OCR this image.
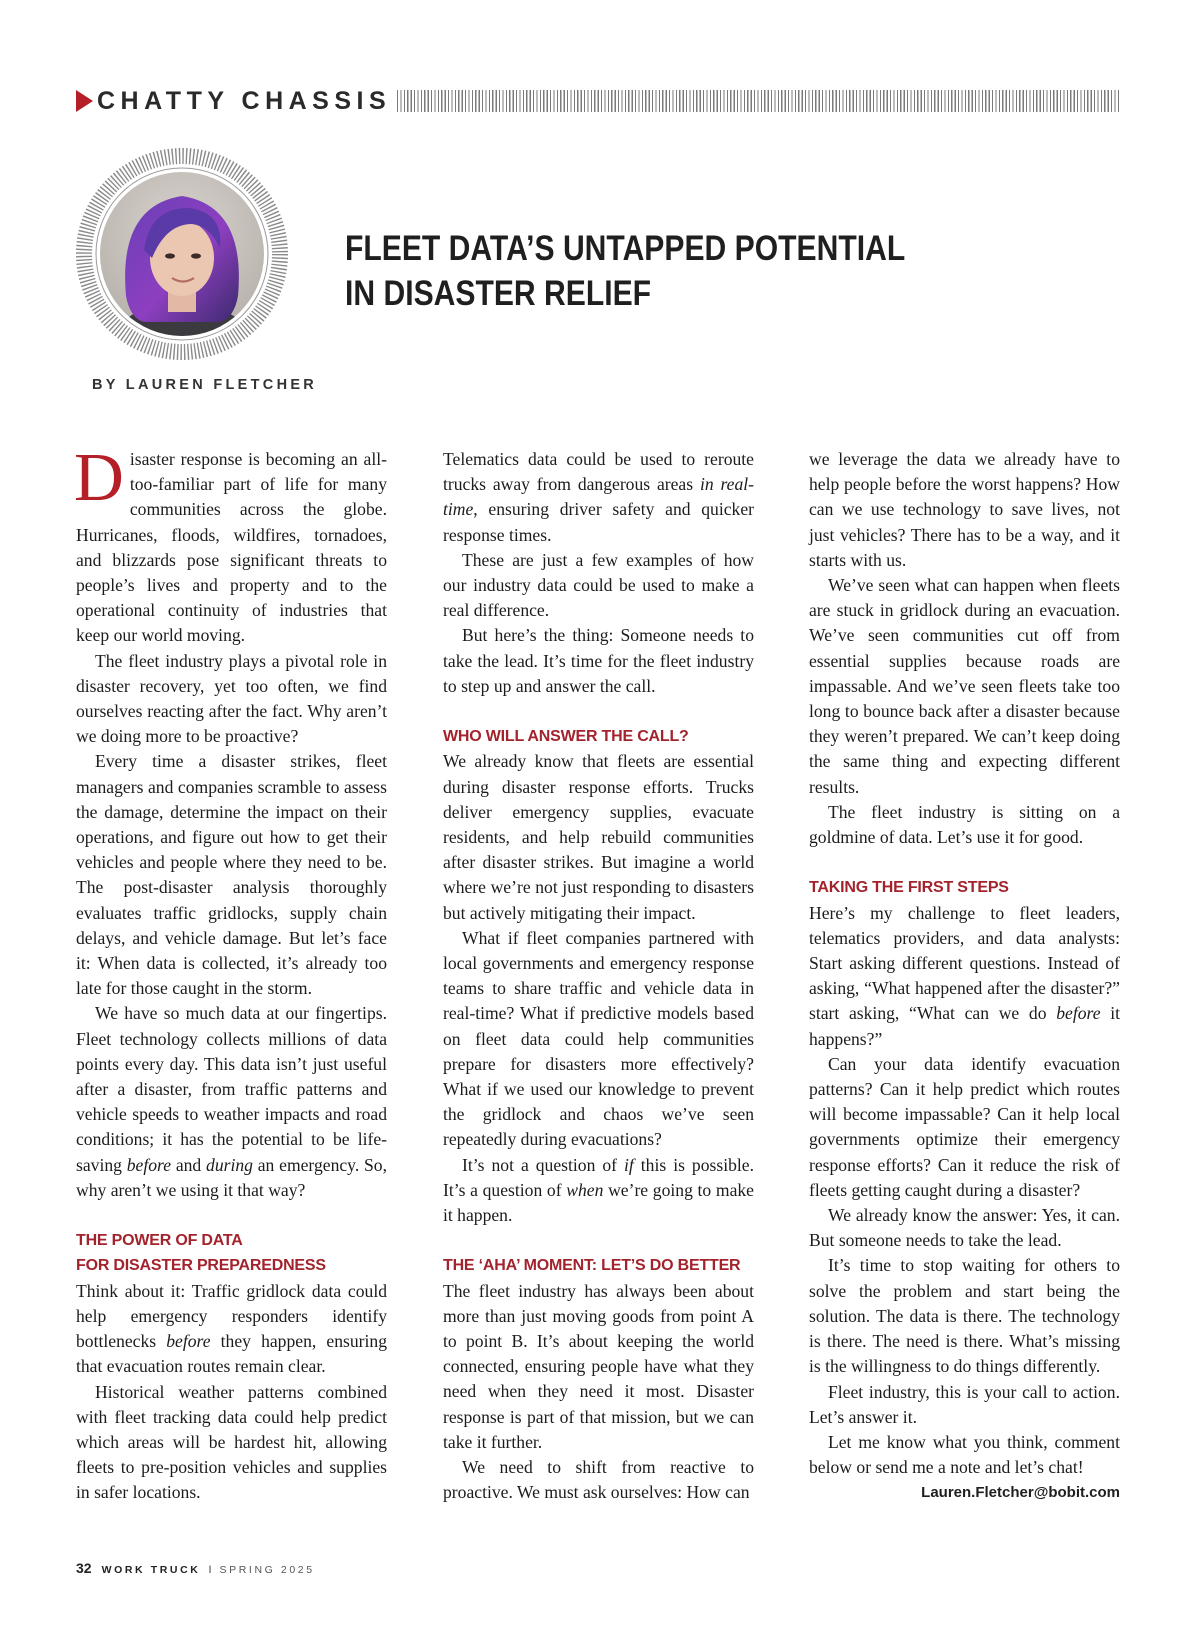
CHATTY CHASSIS
BY LAUREN FLETCHER
FLEET DATA’S UNTAPPED POTENTIAL
IN DISASTER RELIEF

Disaster response is becoming an all-too-familiar part of life for many communities across the globe. Hurricanes, floods, wildfires, tornadoes, and blizzards pose significant threats to people’s lives and property and to the operational continuity of industries that keep our world moving.

The fleet industry plays a pivotal role in disaster recovery, yet too often, we find ourselves reacting after the fact. Why aren’t we doing more to be proactive?

Every time a disaster strikes, fleet managers and companies scramble to assess the damage, determine the impact on their operations, and figure out how to get their vehicles and people where they need to be. The post-disaster analysis thoroughly evaluates traffic gridlocks, supply chain delays, and vehicle damage. But let’s face it: When data is collected, it’s already too late for those caught in the storm.

We have so much data at our fingertips. Fleet technology collects millions of data points every day. This data isn’t just useful after a disaster, from traffic patterns and vehicle speeds to weather impacts and road conditions; it has the potential to be life-saving before and during an emergency. So, why aren’t we using it that way?

THE POWER OF DATA
FOR DISASTER PREPAREDNESS

Think about it: Traffic gridlock data could help emergency responders identify bottlenecks before they happen, ensuring that evacuation routes remain clear.

Historical weather patterns combined with fleet tracking data could help predict which areas will be hardest hit, allowing fleets to pre-position vehicles and supplies in safer locations.

Telematics data could be used to reroute trucks away from dangerous areas in real-time, ensuring driver safety and quicker response times.

These are just a few examples of how our industry data could be used to make a real difference.

But here’s the thing: Someone needs to take the lead. It’s time for the fleet industry to step up and answer the call.

WHO WILL ANSWER THE CALL?

We already know that fleets are essential during disaster response efforts. Trucks deliver emergency supplies, evacuate residents, and help rebuild communities after disaster strikes. But imagine a world where we’re not just responding to disasters but actively mitigating their impact.

What if fleet companies partnered with local governments and emergency response teams to share traffic and vehicle data in real-time? What if predictive models based on fleet data could help communities prepare for disasters more effectively? What if we used our knowledge to prevent the gridlock and chaos we’ve seen repeatedly during evacuations?

It’s not a question of if this is possible. It’s a question of when we’re going to make it happen.

THE ‘AHA’ MOMENT: LET’S DO BETTER

The fleet industry has always been about more than just moving goods from point A to point B. It’s about keeping the world connected, ensuring people have what they need when they need it most. Disaster response is part of that mission, but we can take it further.

We need to shift from reactive to proactive. We must ask ourselves: How can

we leverage the data we already have to help people before the worst happens? How can we use technology to save lives, not just vehicles? There has to be a way, and it starts with us.

We’ve seen what can happen when fleets are stuck in gridlock during an evacuation. We’ve seen communities cut off from essential supplies because roads are impassable. And we’ve seen fleets take too long to bounce back after a disaster because they weren’t prepared. We can’t keep doing the same thing and expecting different results.

The fleet industry is sitting on a goldmine of data. Let’s use it for good.

TAKING THE FIRST STEPS

Here’s my challenge to fleet leaders, telematics providers, and data analysts: Start asking different questions. Instead of asking, “What happened after the disaster?” start asking, “What can we do before it happens?”

Can your data identify evacuation patterns? Can it help predict which routes will become impassable? Can it help local governments optimize their emergency response efforts? Can it reduce the risk of fleets getting caught during a disaster?

We already know the answer: Yes, it can. But someone needs to take the lead.

It’s time to stop waiting for others to solve the problem and start being the solution. The data is there. The technology is there. The need is there. What’s missing is the willingness to do things differently.

Fleet industry, this is your call to action. Let’s answer it.

Let me know what you think, comment below or send me a note and let’s chat!

Lauren.Fletcher@bobit.com

32 WORK TRUCK I SPRING 2025
